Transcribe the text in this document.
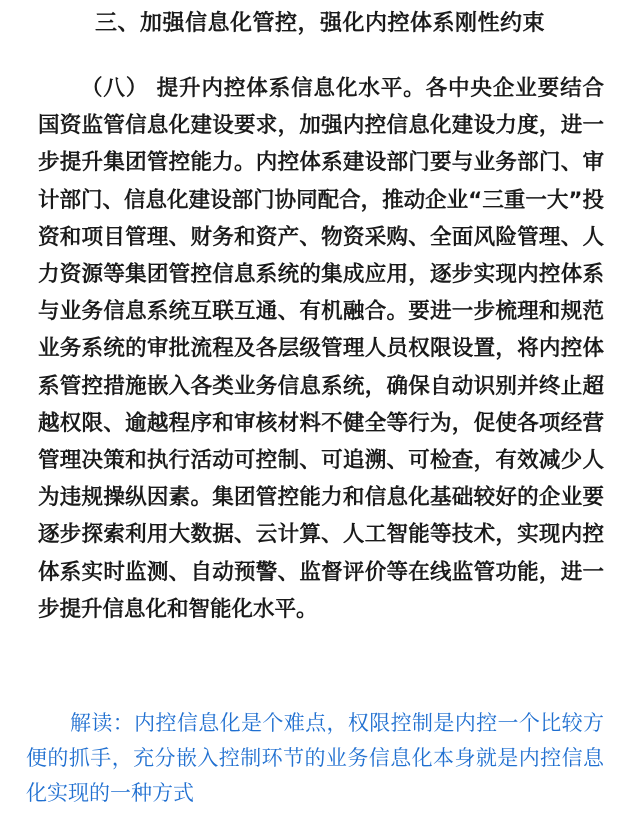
三、加强信息化管控，强化内控体系刚性约束

（八） 提升内控体系信息化水平。各中央企业要结合国资监管信息化建设要求，加强内控信息化建设力度，进一步提升集团管控能力。内控体系建设部门要与业务部门、审计部门、信息化建设部门协同配合，推动企业“三重一大”投资和项目管理、财务和资产、物资采购、全面风险管理、人力资源等集团管控信息系统的集成应用，逐步实现内控体系与业务信息系统互联互通、有机融合。要进一步梳理和规范业务系统的审批流程及各层级管理人员权限设置，将内控体系管控措施嵌入各类业务信息系统，确保自动识别并终止超越权限、逾越程序和审核材料不健全等行为，促使各项经营管理决策和执行活动可控制、可追溯、可检查，有效减少人为违规操纵因素。集团管控能力和信息化基础较好的企业要逐步探索利用大数据、云计算、人工智能等技术，实现内控体系实时监测、自动预警、监督评价等在线监管功能，进一步提升信息化和智能化水平。

解读：内控信息化是个难点，权限控制是内控一个比较方便的抓手，充分嵌入控制环节的业务信息化本身就是内控信息化实现的一种方式
